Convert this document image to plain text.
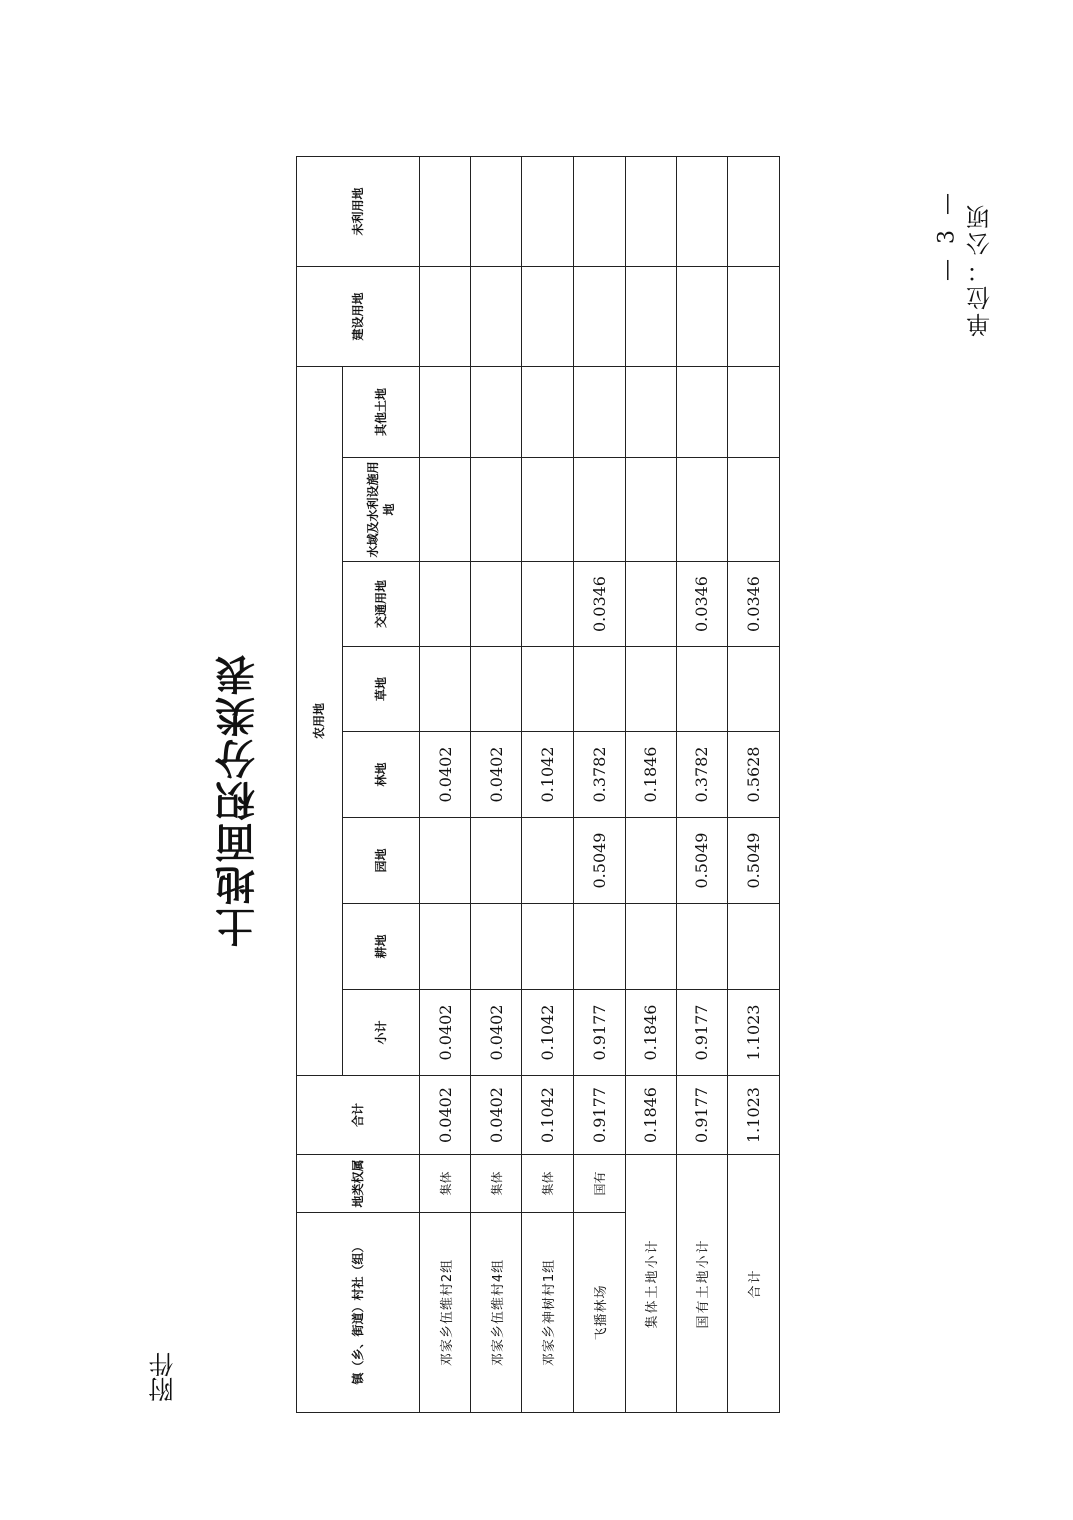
附件
土地面积分类表
单位：公顷
— 3 —
镇（乡、街道）村社（组）	地类权属	合计	农用地								建设用地	未利用地
			小计	耕地	园地	林地	草地	交通用地	水域及水利设施用地	其他土地		
邓家乡伍维村2组	集体	0.0402	0.0402			0.0402						
邓家乡伍维村4组	集体	0.0402	0.0402			0.0402						
邓家乡神树村1组	集体	0.1042	0.1042			0.1042						
飞播林场	国有	0.9177	0.9177		0.5049	0.3782		0.0346				
集体土地小计		0.1846	0.1846			0.1846						
国有土地小计		0.9177	0.9177		0.5049	0.3782		0.0346				
合计		1.1023	1.1023		0.5049	0.5628		0.0346				
